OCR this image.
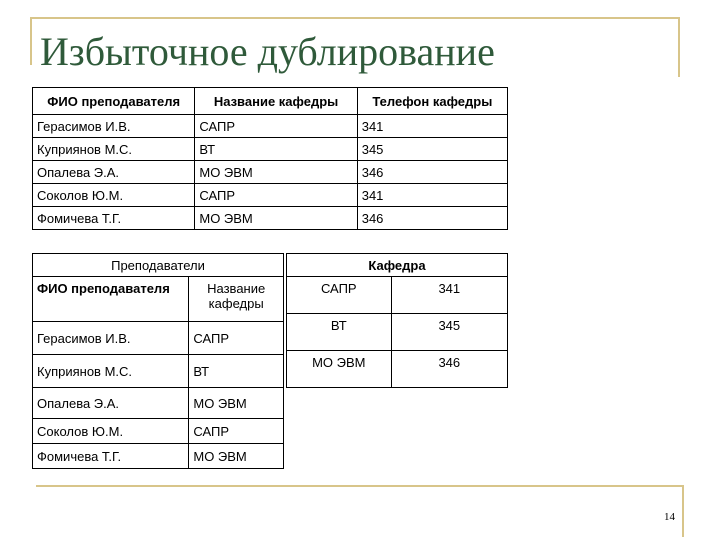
Избыточное дублирование
ФИО преподавателя	Название кафедры	Телефон кафедры
Герасимов И.В.	САПР	341
Куприянов М.С.	ВТ	345
Опалева Э.А.	МО ЭВМ	346
Соколов Ю.М.	САПР	341
Фомичева Т.Г.	МО ЭВМ	346
Преподаватели	
ФИО преподавателя	Название кафедры
Герасимов И.В.	САПР
Куприянов М.С.	ВТ
Опалева Э.А.	МО ЭВМ
Соколов Ю.М.	САПР
Фомичева Т.Г.	МО ЭВМ
Кафедра	
САПР	341
ВТ	345
МО ЭВМ	346
14
